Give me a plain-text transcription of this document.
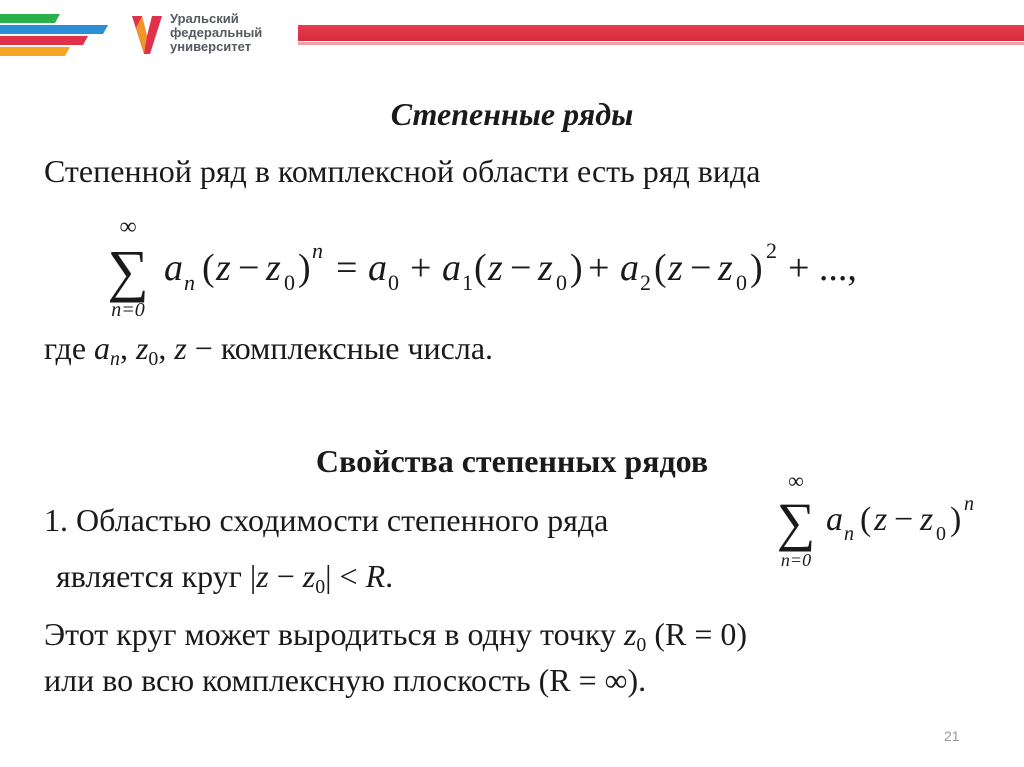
Уральский
федеральный
университет
Степенные ряды
Степенной ряд в комплексной области есть ряд вида
∞
∑
n=0
a n ( z − z 0 ) n = a 0 + a 1 ( z − z 0 ) + a 2 ( z − z 0 ) 2 + ...,
где $a_n$, $z_0$, z − комплексные числа.
Свойства степенных рядов
1. Областью сходимости степенного ряда
∞
∑
n=0
a n ( z − z 0 ) n
является круг $|z - z_0| < R$.
Этот круг может выродиться в одну точку $z_0$ (R = 0)
или во всю комплексную плоскость (R = ∞).
21
